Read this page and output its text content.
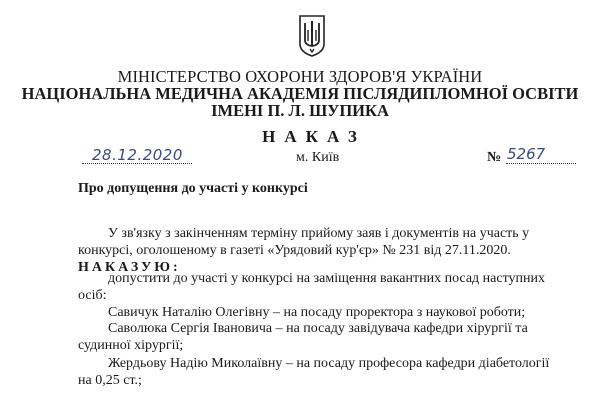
МІНІСТЕРСТВО ОХОРОНИ ЗДОРОВ'Я УКРАЇНИ
НАЦІОНАЛЬНА МЕДИЧНА АКАДЕМІЯ ПІСЛЯДИПЛОМНОЇ ОСВІТИ
ІМЕНІ П. Л. ШУПИКА
НАКАЗ
28.12.2020	м. Київ	№ 5267
Про допущення до участі у конкурсі
У зв'язку з закінченням терміну прийому заяв і документів на участь у
конкурсі, оголошеному в газеті «Урядовий кур'єр» № 231 від 27.11.2020.
НАКАЗУЮ:
допустити до участі у конкурсі на заміщення вакантних посад наступних
осіб:
Савичук Наталію Олегівну – на посаду проректора з наукової роботи;
Саволюка Сергія Івановича – на посаду завідувача кафедри хірургії та
судинної хірургії;
Жердьову Надію Миколаївну – на посаду професора кафедри діабетології
на 0,25 ст.;
